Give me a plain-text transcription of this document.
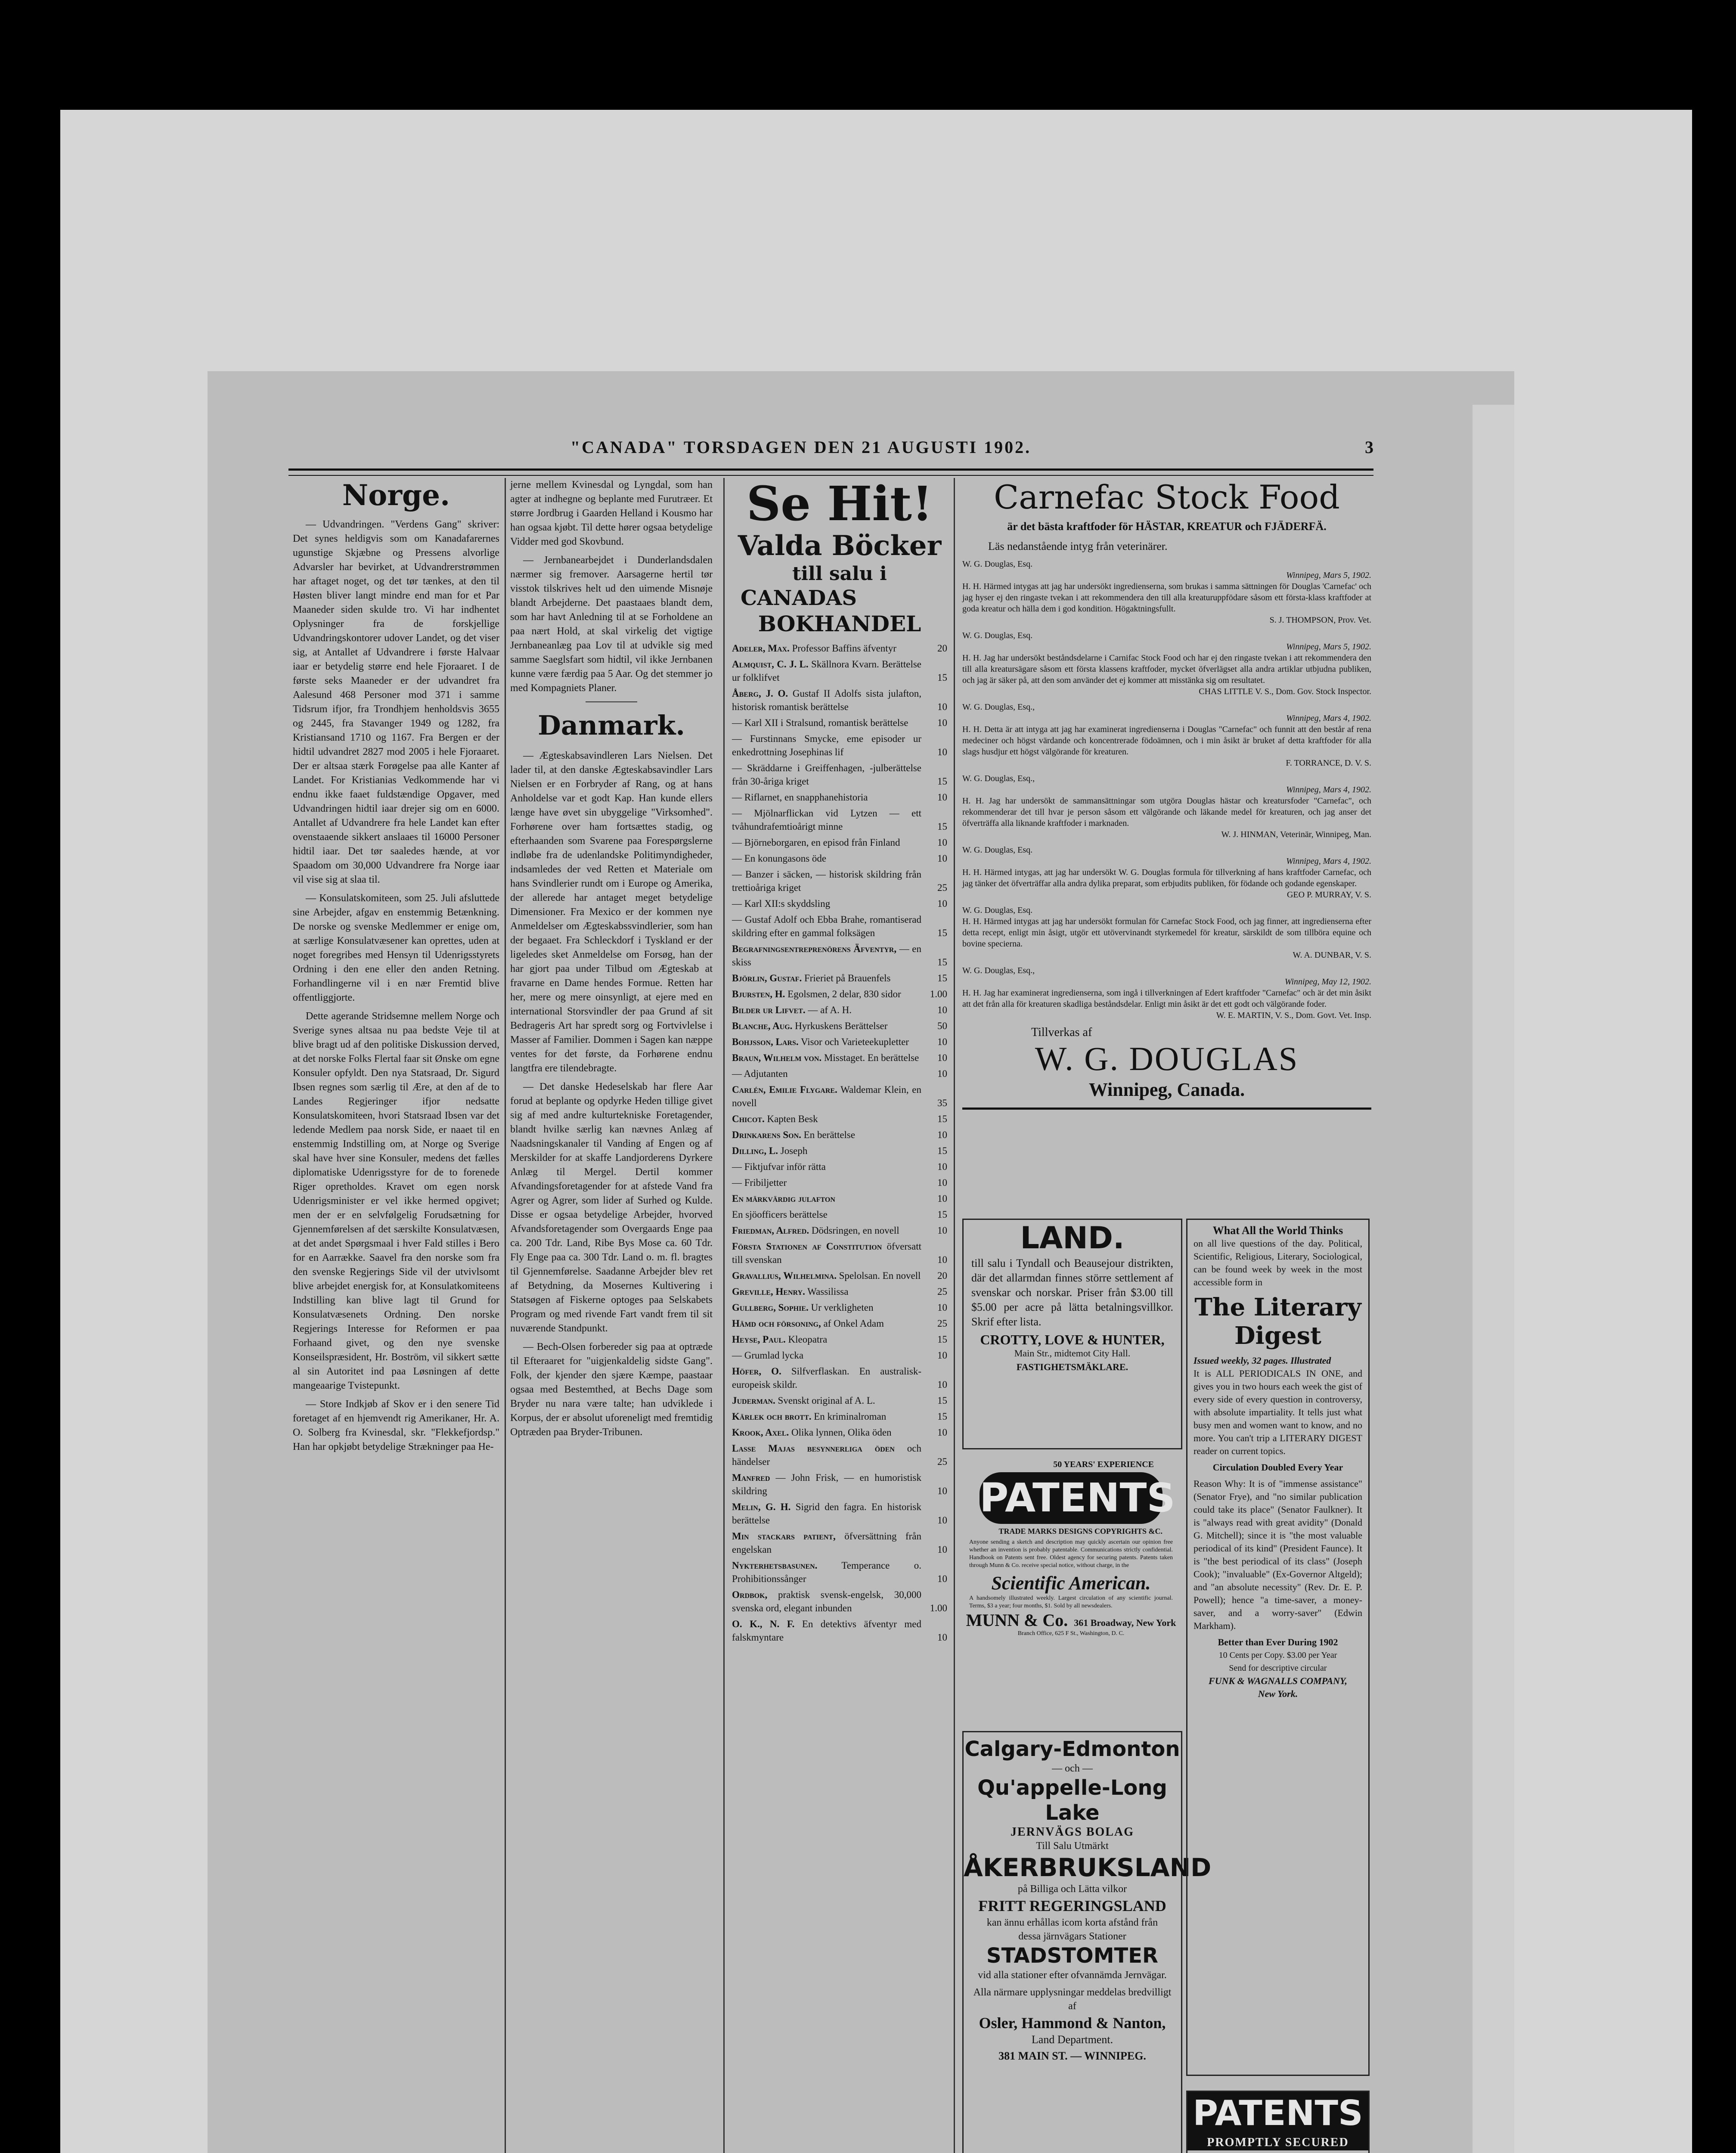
"CANADA" TORSDAGEN DEN 21 AUGUSTI 1902.	3
Norge.

— Udvandringen. "Verdens Gang" skriver: Det synes heldigvis som om Kanadafarernes ugunstige Skjæbne og Pressens alvorlige Advarsler har bevirket, at Udvandrerstrømmen har aftaget noget, og det tør tænkes, at den til Høsten bliver langt mindre end man for et Par Maaneder siden skulde tro. Vi har indhentet Oplysninger fra de forskjellige Udvandringskontorer udover Landet, og det viser sig, at Antallet af Udvandrere i første Halvaar iaar er betydelig større end hele Fjoraaret. I de første seks Maaneder er der udvandret fra Aalesund 468 Personer mod 371 i samme Tidsrum ifjor, fra Trondhjem henholdsvis 3655 og 2445, fra Stavanger 1949 og 1282, fra Kristiansand 1710 og 1167. Fra Bergen er der hidtil udvandret 2827 mod 2005 i hele Fjoraaret. Der er altsaa stærk Forøgelse paa alle Kanter af Landet. For Kristianias Vedkommende har vi endnu ikke faaet fuldstændige Opgaver, med Udvandringen hidtil iaar drejer sig om en 6000. Antallet af Udvandrere fra hele Landet kan efter ovenstaaende sikkert anslaaes til 16000 Personer hidtil iaar. Det tør saaledes hænde, at vor Spaadom om 30,000 Udvandrere fra Norge iaar vil vise sig at slaa til.

— Konsulatskomiteen, som 25. Juli afsluttede sine Arbejder, afgav en enstemmig Betænkning. De norske og svenske Medlemmer er enige om, at særlige Konsulatvæsener kan oprettes, uden at noget foregribes med Hensyn til Udenrigsstyrets Ordning i den ene eller den anden Retning. Forhandlingerne vil i en nær Fremtid blive offentliggjorte.

Dette agerande Stridsemne mellem Norge och Sverige synes altsaa nu paa bedste Veje til at blive bragt ud af den politiske Diskussion derved, at det norske Folks Flertal faar sit Ønske om egne Konsuler opfyldt. Den nya Statsraad, Dr. Sigurd Ibsen regnes som særlig til Ære, at den af de to Landes Regjeringer ifjor nedsatte Konsulatskomiteen, hvori Statsraad Ibsen var det ledende Medlem paa norsk Side, er naaet til en enstemmig Indstilling om, at Norge og Sverige skal have hver sine Konsuler, medens det fælles diplomatiske Udenrigsstyre for de to forenede Riger opretholdes. Kravet om egen norsk Udenrigsminister er vel ikke hermed opgivet; men der er en selvfølgelig Forudsætning for Gjennemførelsen af det særskilte Konsulatvæsen, at det andet Spørgsmaal i hver Fald stilles i Bero for en Aarrække. Saavel fra den norske som fra den svenske Regjerings Side vil der utvivlsomt blive arbejdet energisk for, at Konsulatkomiteens Indstilling kan blive lagt til Grund for Konsulatvæsenets Ordning. Den norske Regjerings Interesse for Reformen er paa Forhaand givet, og den nye svenske Konseilspræsident, Hr. Boström, vil sikkert sætte al sin Autoritet ind paa Løsningen af dette mangeaarige Tvistepunkt.

— Store Indkjøb af Skov er i den senere Tid foretaget af en hjemvendt rig Amerikaner, Hr. A. O. Solberg fra Kvinesdal, skr. "Flekkefjordsp." Han har opkjøbt betydelige Strækninger paa He-

jerne mellem Kvinesdal og Lyngdal, som han agter at indhegne og beplante med Furutræer. Et større Jordbrug i Gaarden Helland i Kousmo har han ogsaa kjøbt. Til dette hører ogsaa betydelige Vidder med god Skovbund.

— Jernbanearbejdet i Dunderlandsdalen nærmer sig fremover. Aarsagerne hertil tør visstok tilskrives helt ud den uimende Misnøje blandt Arbejderne. Det paastaaes blandt dem, som har havt Anledning til at se Forholdene an paa nært Hold, at skal virkelig det vigtige Jernbaneanlæg paa Lov til at udvikle sig med samme Saeglsfart som hidtil, vil ikke Jernbanen kunne være færdig paa 5 Aar. Og det stemmer jo med Kompagniets Planer.

Danmark.

— Ægteskabsavindleren Lars Nielsen. Det lader til, at den danske Ægteskabsavindler Lars Nielsen er en Forbryder af Rang, og at hans Anholdelse var et godt Kap. Han kunde ellers længe have øvet sin ubyggelige "Virksomhed". Forhørene over ham fortsættes stadig, og efterhaanden som Svarene paa Forespørgslerne indløbe fra de udenlandske Politimyndigheder, indsamledes der ved Retten et Materiale om hans Svindlerier rundt om i Europe og Amerika, der allerede har antaget meget betydelige Dimensioner. Fra Mexico er der kommen nye Anmeldelser om Ægteskabssvindlerier, som han der begaaet. Fra Schleckdorf i Tyskland er der ligeledes sket Anmeldelse om Forsøg, han der har gjort paa under Tilbud om Ægteskab at fravarne en Dame hendes Formue. Retten har her, mere og mere oinsynligt, at ejere med en international Storsvindler der paa Grund af sit Bedrageris Art har spredt sorg og Fortvivlelse i Masser af Familier. Dommen i Sagen kan næppe ventes for det første, da Forhørene endnu langtfra ere tilendebragte.

— Det danske Hedeselskab har flere Aar forud at beplante og opdyrke Heden tillige givet sig af med andre kulturtekniske Foretagender, blandt hvilke særlig kan nævnes Anlæg af Naadsningskanaler til Vanding af Engen og af Merskilder for at skaffe Landjorderens Dyrkere Anlæg til Mergel. Dertil kommer Afvandingsforetagender for at afstede Vand fra Agrer og Agrer, som lider af Surhed og Kulde. Disse er ogsaa betydelige Arbejder, hvorved Afvandsforetagender som Overgaards Enge paa ca. 200 Tdr. Land, Ribe Bys Mose ca. 60 Tdr. Fly Enge paa ca. 300 Tdr. Land o. m. fl. bragtes til Gjennemførelse. Saadanne Arbejder blev ret af Betydning, da Mosernes Kultivering i Statsøgen af Fiskerne optoges paa Selskabets Program og med rivende Fart vandt frem til sit nuværende Standpunkt.

— Bech-Olsen forbereder sig paa at optræde til Efteraaret for "uigjenkaldelig sidste Gang". Folk, der kjender den sjære Kæmpe, paastaar ogsaa med Bestemthed, at Bechs Dage som Bryder nu nara være talte; han udviklede i Korpus, der er absolut uforeneligt med fremtidig Optræden paa Bryder-Tribunen.

Se Hit!
Valda Böcker
till salu i
CANADAS
BOKHANDEL
Adeler, Max. Professor Baffins äfventyr	20
Almquist, C. J. L. Skällnora Kvarn. Berättelse ur folklifvet	15
Åberg, J. O. Gustaf II Adolfs sista julafton, historisk romantisk berättelse	10
— Karl XII i Stralsund, romantisk berättelse	10
— Furstinnans Smycke, eme episoder ur enkedrottning Josephinas lif	10
— Skräddarne i Greiffenhagen, -julberättelse från 30-åriga kriget	15
— Riflarnet, en snapphanehistoria	10
— Mjölnarflickan vid Lytzen — ett tvåhundrafemtioårigt minne	15
— Björneborgaren, en episod från Finland	10
— En konungasons öde	10
— Banzer i säcken, — historisk skildring från trettioåriga kriget	25
— Karl XII:s skyddsling	10
— Gustaf Adolf och Ebba Brahe, romantiserad skildring efter en gammal folksägen	15
Begrafningsentreprenörens Äfventyr, — en skiss	15
Björlin, Gustaf. Frieriet på Brauenfels	15
Bjursten, H. Egolsmen, 2 delar, 830 sidor	1.00
Bilder ur Lifvet. — af A. H.	10
Blanche, Aug. Hyrkuskens Berättelser	50
Bohjsson, Lars. Visor och Varieteekupletter	10
Braun, Wilhelm von. Misstaget. En berättelse 10
— Adjutanten	10
Carlén, Emilie Flygare. Waldemar Klein, en novell	35
Chicot. Kapten Besk	15
Drinkarens Son. En berättelse	10
Dilling, L. Joseph	15
— Fiktjufvar inför rätta	10
— Fribiljetter	10
En märkvärdig julafton	10
En sjöofficers berättelse	15
Friedman, Alfred. Dödsringen, en novell	10
Första Stationen af Constitution öfversatt till svenskan	10
Gravallius, Wilhelmina. Spelolsan. En novell 20
Greville, Henry. Wassilissa	25
Gullberg, Sophie. Ur verkligheten	10
Hämd och försoning, af Onkel Adam	25
Heyse, Paul. Kleopatra	15
— Grumlad lycka	10
Höfer, O. Silfverflaskan. En australisk-europeisk skildr.	10
Juderman. Svenskt original af A. L.	15
Kärlek och brott. En kriminalroman	15
Krook, Axel. Olika lynnen, Olika öden	10
Lasse Majas besynnerliga öden och händelser	25
Manfred — John Frisk, — en humoristisk skildring	10
Melin, G. H. Sigrid den fagra. En historisk berättelse	10
Min stackars patient, öfversättning från engelskan	10
Nykterhetsbasunen. Temperance o. Prohibitionssånger	10
Ordbok, praktisk svensk-engelsk, 30,000 svenska ord, elegant inbunden	1.00
O. K., N. F. En detektivs äfventyr med falskmyntare	10
Carnefac Stock Food
är det bästa kraftfoder för HÄSTAR, KREATUR och FJÄDERFÄ.
Läs nedanstående intyg från veterinärer.
W. G. Douglas, Esq.
Winnipeg, Mars 5, 1902.
H. H. Härmed intygas att jag har undersökt ingredienserna, som brukas i samma sättningen för Douglas 'Carnefac' och jag hyser ej den ringaste tvekan i att rekommendera den till alla kreaturuppfödare såsom ett första-klass kraftfoder at goda kreatur och hälla dem i god kondition. Högaktningsfullt.
S. J. THOMPSON, Prov. Vet.
W. G. Douglas, Esq.
Winnipeg, Mars 5, 1902.
H. H. Jag har undersökt beståndsdelarne i Carnifac Stock Food och har ej den ringaste tvekan i att rekommendera den till alla kreatursägare såsom ett första klassens kraftfoder, mycket öfverlägset alla andra artiklar utbjudna publiken, och jag är säker på, att den som använder det ej kommer att misstänka sig om resultatet.
CHAS LITTLE V. S., Dom. Gov. Stock Inspector.
W. G. Douglas, Esq.,
Winnipeg, Mars 4, 1902.
H. H. Detta är att intyga att jag har examinerat ingredienserna i Douglas "Carnefac" och funnit att den består af rena medeciner och högst värdande och koncentrerade födoämnen, och i min åsikt är bruket af detta kraftfoder för alla slags husdjur ett högst välgörande för kreaturen.
F. TORRANCE, D. V. S.
W. G. Douglas, Esq.,
Winnipeg, Mars 4, 1902.
H. H. Jag har undersökt de sammansättningar som utgöra Douglas hästar och kreatursfoder "Carnefac", och rekommenderar det till hvar je person såsom ett välgörande och läkande medel för kreaturen, och jag anser det öfverträffa alla liknande kraftfoder i marknaden.
W. J. HINMAN, Veterinär, Winnipeg, Man.
W. G. Douglas, Esq.
Winnipeg, Mars 4, 1902.
H. H. Härmed intygas, att jag har undersökt W. G. Douglas formula för tillverkning af hans kraftfoder Carnefac, och jag tänker det öfverträffar alla andra dylika preparat, som erbjudits publiken, för födande och godande egenskaper.
GEO P. MURRAY, V. S.
W. G. Douglas, Esq.
H. H. Härmed intygas att jag har undersökt formulan för Carnefac Stock Food, och jag finner, att ingredienserna efter detta recept, enligt min åsigt, utgör ett utövervinandt styrkemedel för kreatur, särskildt de som tillböra equine och bovine specierna.
W. A. DUNBAR, V. S.
W. G. Douglas, Esq.,
Winnipeg, May 12, 1902.
H. H. Jag har examinerat ingredienserna, som ingå i tillverkningen af Edert kraftfoder "Carnefac" och är det min åsikt att det från alla för kreaturen skadliga beståndsdelar. Enligt min åsikt är det ett godt och välgörande foder.
W. E. MARTIN, V. S., Dom. Govt. Vet. Insp.
Tillverkas af
W. G. DOUGLAS
Winnipeg, Canada.
LAND.
till salu i Tyndall och Beausejour distrikten, där det allarmdan finnes större settlement af svenskar och norskar. Priser från $3.00 till $5.00 per acre på lätta betalningsvillkor. Skrif efter lista.
CROTTY, LOVE & HUNTER,
Main Str., midtemot City Hall.
FASTIGHETSMÄKLARE.
50 YEARS' EXPERIENCE
PATENTS
TRADE MARKS DESIGNS COPYRIGHTS &C.
Anyone sending a sketch and description may quickly ascertain our opinion free whether an invention is probably patentable. Communications strictly confidential. Handbook on Patents sent free. Oldest agency for securing patents. Patents taken through Munn & Co. receive special notice, without charge, in the
Scientific American.
A handsomely illustrated weekly. Largest circulation of any scientific journal. Terms, $3 a year; four months, $1. Sold by all newsdealers.
MUNN & Co. 361 Broadway, New York
Branch Office, 625 F St., Washington, D. C.
Calgary-Edmonton
— och —
Qu'appelle-Long Lake
JERNVÄGS BOLAG
Till Salu Utmärkt
ÅKERBRUKSLAND
på Billiga och Lätta vilkor
FRITT REGERINGSLAND
kan ännu erhållas icom korta afstånd från dessa järnvägars Stationer
STADSTOMTER
vid alla stationer efter ofvannämda Jernvägar.
Alla närmare upplysningar meddelas bredvilligt af
Osler, Hammond & Nanton,
Land Department.
381 MAIN ST. — WINNIPEG.
What All the World Thinks
on all live questions of the day. Political, Scientific, Religious, Literary, Sociological, can be found week by week in the most accessible form in
The Literary Digest
Issued weekly, 32 pages. Illustrated
It is ALL PERIODICALS IN ONE, and gives you in two hours each week the gist of every side of every question in controversy, with absolute impartiality. It tells just what busy men and women want to know, and no more. You can't trip a LITERARY DIGEST reader on current topics.
Circulation Doubled Every Year
Reason Why: It is of "immense assistance" (Senator Frye), and "no similar publication could take its place" (Senator Faulkner). It is "always read with great avidity" (Donald G. Mitchell); since it is "the most valuable periodical of its kind" (President Faunce). It is "the best periodical of its class" (Joseph Cook); "invaluable" (Ex-Governor Altgeld); and "an absolute necessity" (Rev. Dr. E. P. Powell); hence "a time-saver, a money-saver, and a worry-saver" (Edwin Markham).
Better than Ever During 1902
10 Cents per Copy. $3.00 per Year
Send for descriptive circular
FUNK & WAGNALLS COMPANY,
New York.
PATENTS
PROMPTLY SECURED
